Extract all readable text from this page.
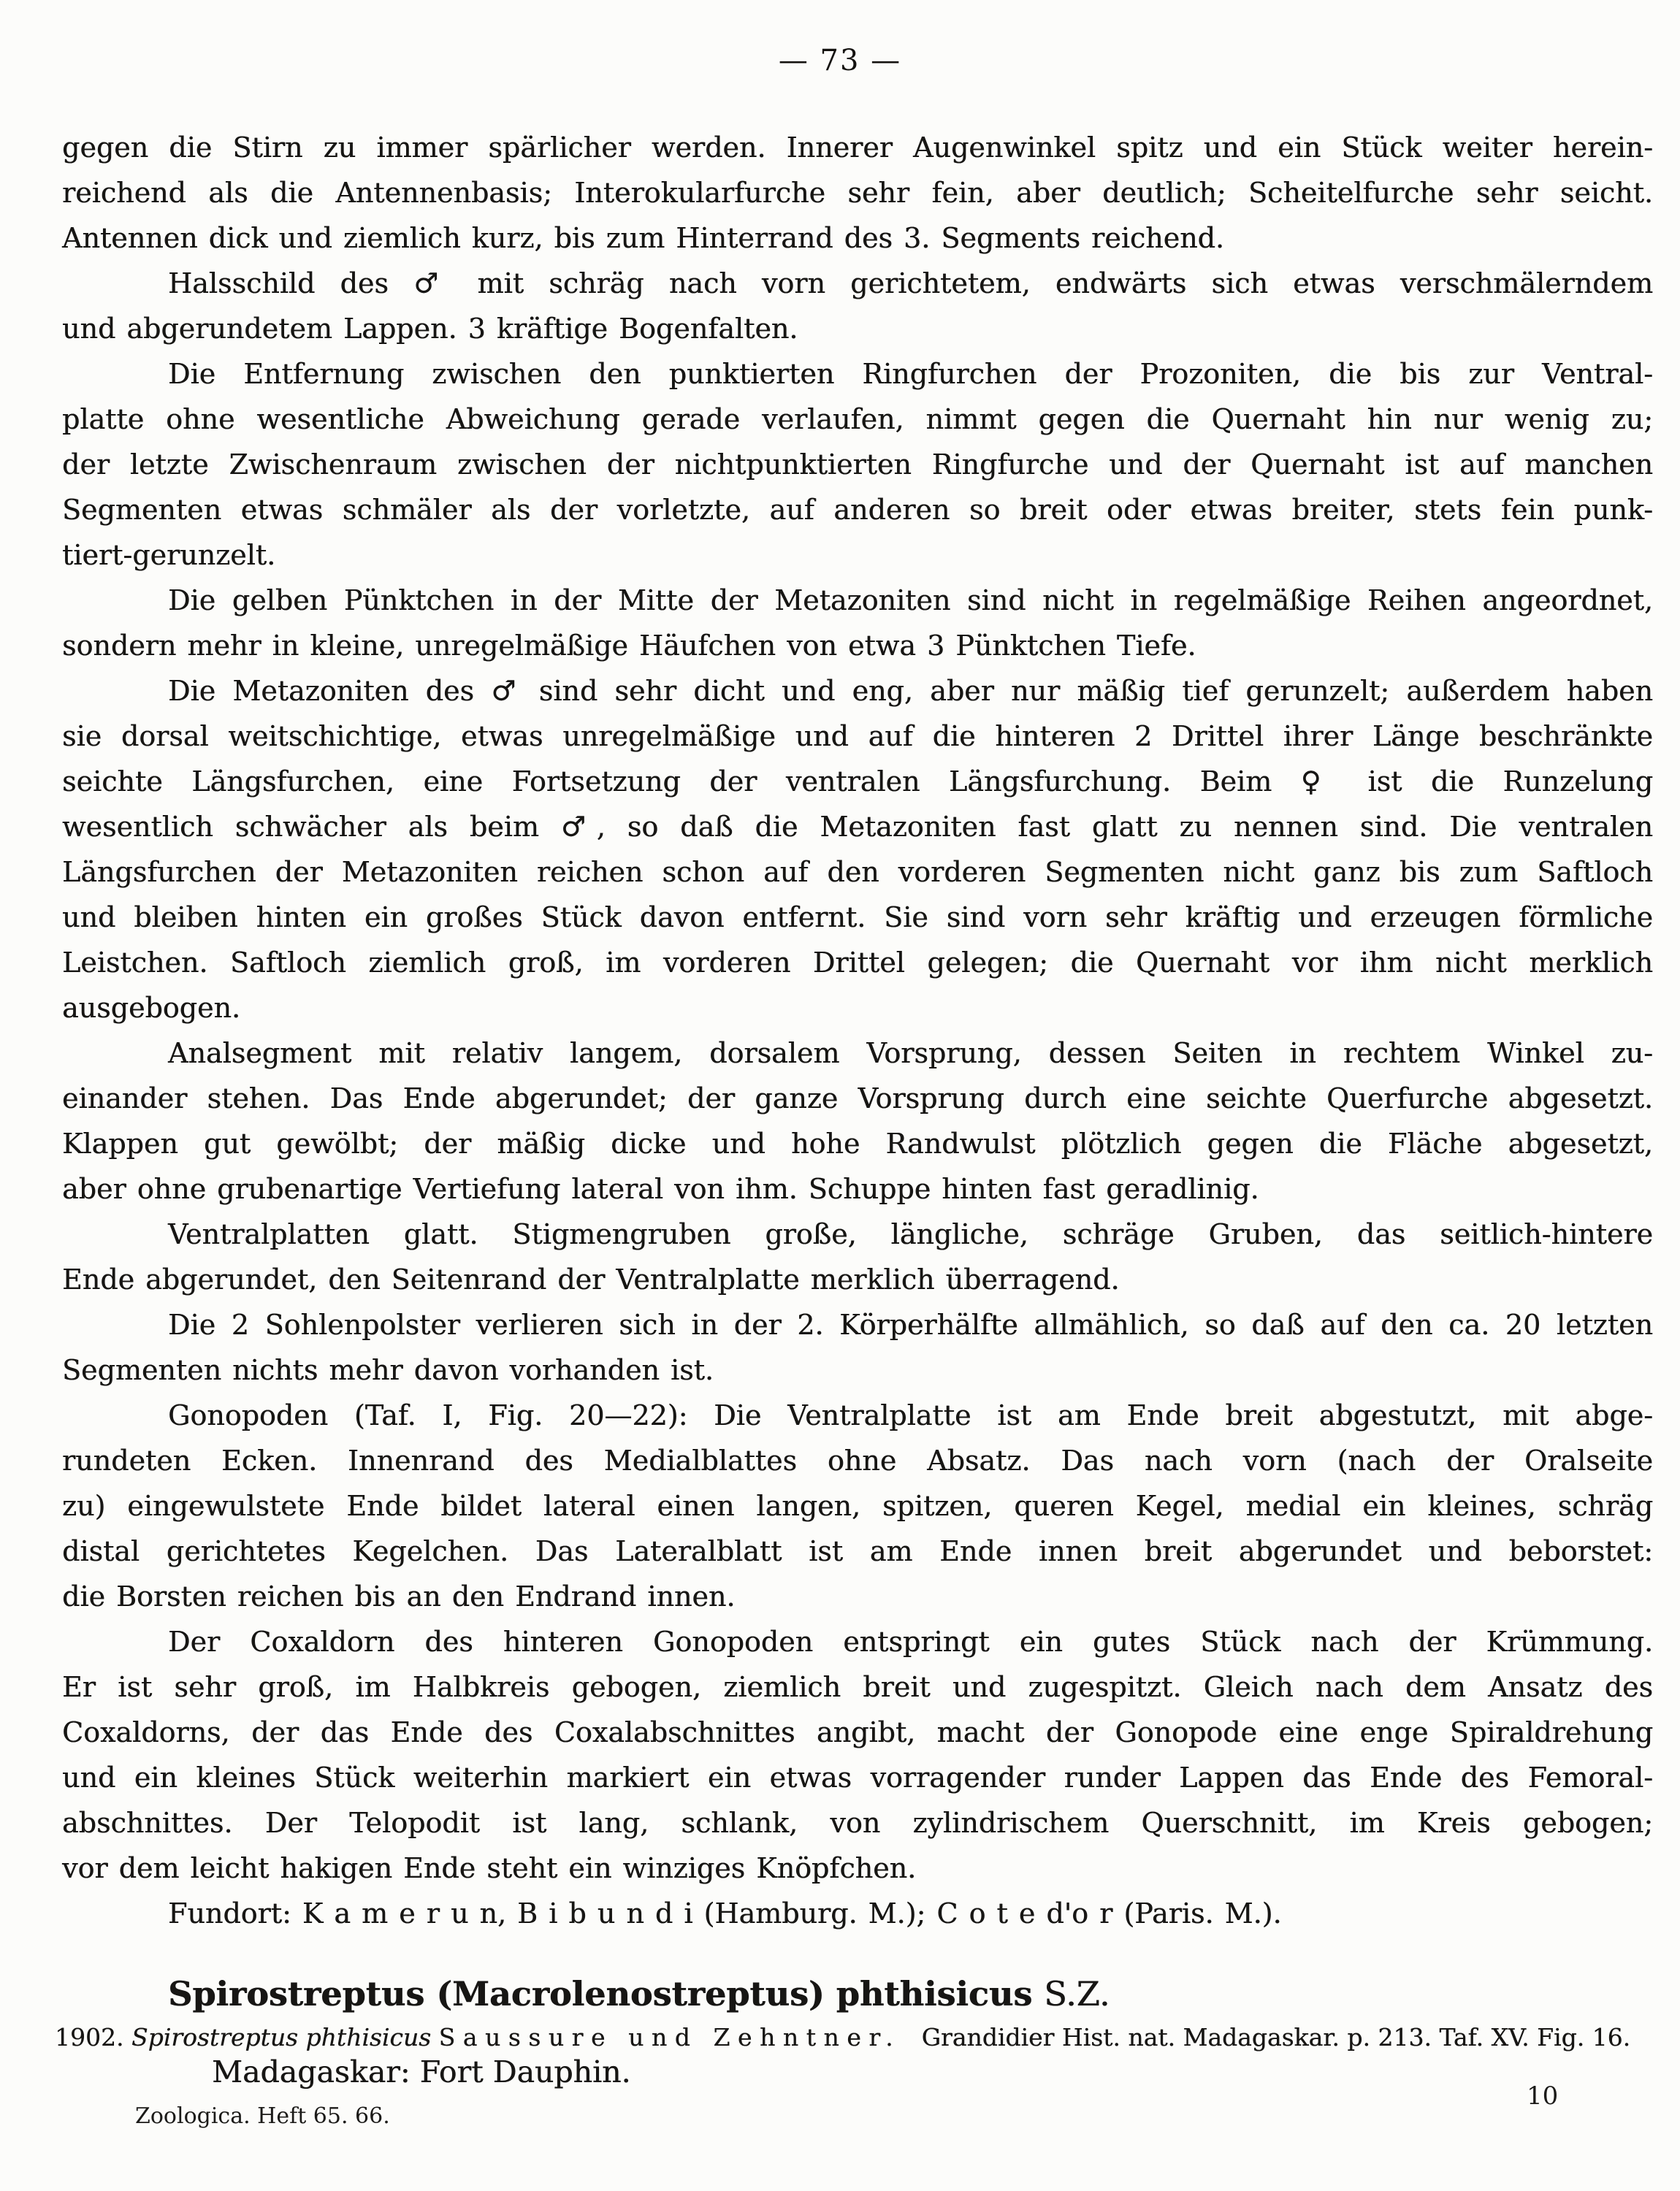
— 73 —
gegen die Stirn zu immer spärlicher werden. Innerer Augenwinkel spitz und ein Stück weiter herein-
reichend als die Antennenbasis; Interokularfurche sehr fein, aber deutlich; Scheitelfurche sehr seicht.
Antennen dick und ziemlich kurz, bis zum Hinterrand des 3. Segments reichend.
Halsschild des ♂ mit schräg nach vorn gerichtetem, endwärts sich etwas verschmälerndem
und abgerundetem Lappen. 3 kräftige Bogenfalten.
Die Entfernung zwischen den punktierten Ringfurchen der Prozoniten, die bis zur Ventral-
platte ohne wesentliche Abweichung gerade verlaufen, nimmt gegen die Quernaht hin nur wenig zu;
der letzte Zwischenraum zwischen der nichtpunktierten Ringfurche und der Quernaht ist auf manchen
Segmenten etwas schmäler als der vorletzte, auf anderen so breit oder etwas breiter, stets fein punk-
tiert-gerunzelt.
Die gelben Pünktchen in der Mitte der Metazoniten sind nicht in regelmäßige Reihen angeordnet,
sondern mehr in kleine, unregelmäßige Häufchen von etwa 3 Pünktchen Tiefe.
Die Metazoniten des ♂ sind sehr dicht und eng, aber nur mäßig tief gerunzelt; außerdem haben
sie dorsal weitschichtige, etwas unregelmäßige und auf die hinteren 2 Drittel ihrer Länge beschränkte
seichte Längsfurchen, eine Fortsetzung der ventralen Längsfurchung. Beim ♀ ist die Runzelung
wesentlich schwächer als beim ♂, so daß die Metazoniten fast glatt zu nennen sind. Die ventralen
Längsfurchen der Metazoniten reichen schon auf den vorderen Segmenten nicht ganz bis zum Saftloch
und bleiben hinten ein großes Stück davon entfernt. Sie sind vorn sehr kräftig und erzeugen förmliche
Leistchen. Saftloch ziemlich groß, im vorderen Drittel gelegen; die Quernaht vor ihm nicht merklich
ausgebogen.
Analsegment mit relativ langem, dorsalem Vorsprung, dessen Seiten in rechtem Winkel zu-
einander stehen. Das Ende abgerundet; der ganze Vorsprung durch eine seichte Querfurche abgesetzt.
Klappen gut gewölbt; der mäßig dicke und hohe Randwulst plötzlich gegen die Fläche abgesetzt,
aber ohne grubenartige Vertiefung lateral von ihm. Schuppe hinten fast geradlinig.
Ventralplatten glatt. Stigmengruben große, längliche, schräge Gruben, das seitlich-hintere
Ende abgerundet, den Seitenrand der Ventralplatte merklich überragend.
Die 2 Sohlenpolster verlieren sich in der 2. Körperhälfte allmählich, so daß auf den ca. 20 letzten
Segmenten nichts mehr davon vorhanden ist.
Gonopoden (Taf. I, Fig. 20—22): Die Ventralplatte ist am Ende breit abgestutzt, mit abge-
rundeten Ecken. Innenrand des Medialblattes ohne Absatz. Das nach vorn (nach der Oralseite
zu) eingewulstete Ende bildet lateral einen langen, spitzen, queren Kegel, medial ein kleines, schräg
distal gerichtetes Kegelchen. Das Lateralblatt ist am Ende innen breit abgerundet und beborstet:
die Borsten reichen bis an den Endrand innen.
Der Coxaldorn des hinteren Gonopoden entspringt ein gutes Stück nach der Krümmung.
Er ist sehr groß, im Halbkreis gebogen, ziemlich breit und zugespitzt. Gleich nach dem Ansatz des
Coxaldorns, der das Ende des Coxalabschnittes angibt, macht der Gonopode eine enge Spiraldrehung
und ein kleines Stück weiterhin markiert ein etwas vorragender runder Lappen das Ende des Femoral-
abschnittes. Der Telopodit ist lang, schlank, von zylindrischem Querschnitt, im Kreis gebogen;
vor dem leicht hakigen Ende steht ein winziges Knöpfchen.
Fundort: K a m e r u n, B i b u n d i (Hamburg. M.); C o t e d'o r (Paris. M.).
Spirostreptus (Macrolenostreptus) phthisicus S.Z.
1902. Spirostreptus phthisicus Saussure und Zehntner. Grandidier Hist. nat. Madagaskar. p. 213. Taf. XV. Fig. 16.
Madagaskar: Fort Dauphin.
Zoologica. Heft 65. 66.
10
